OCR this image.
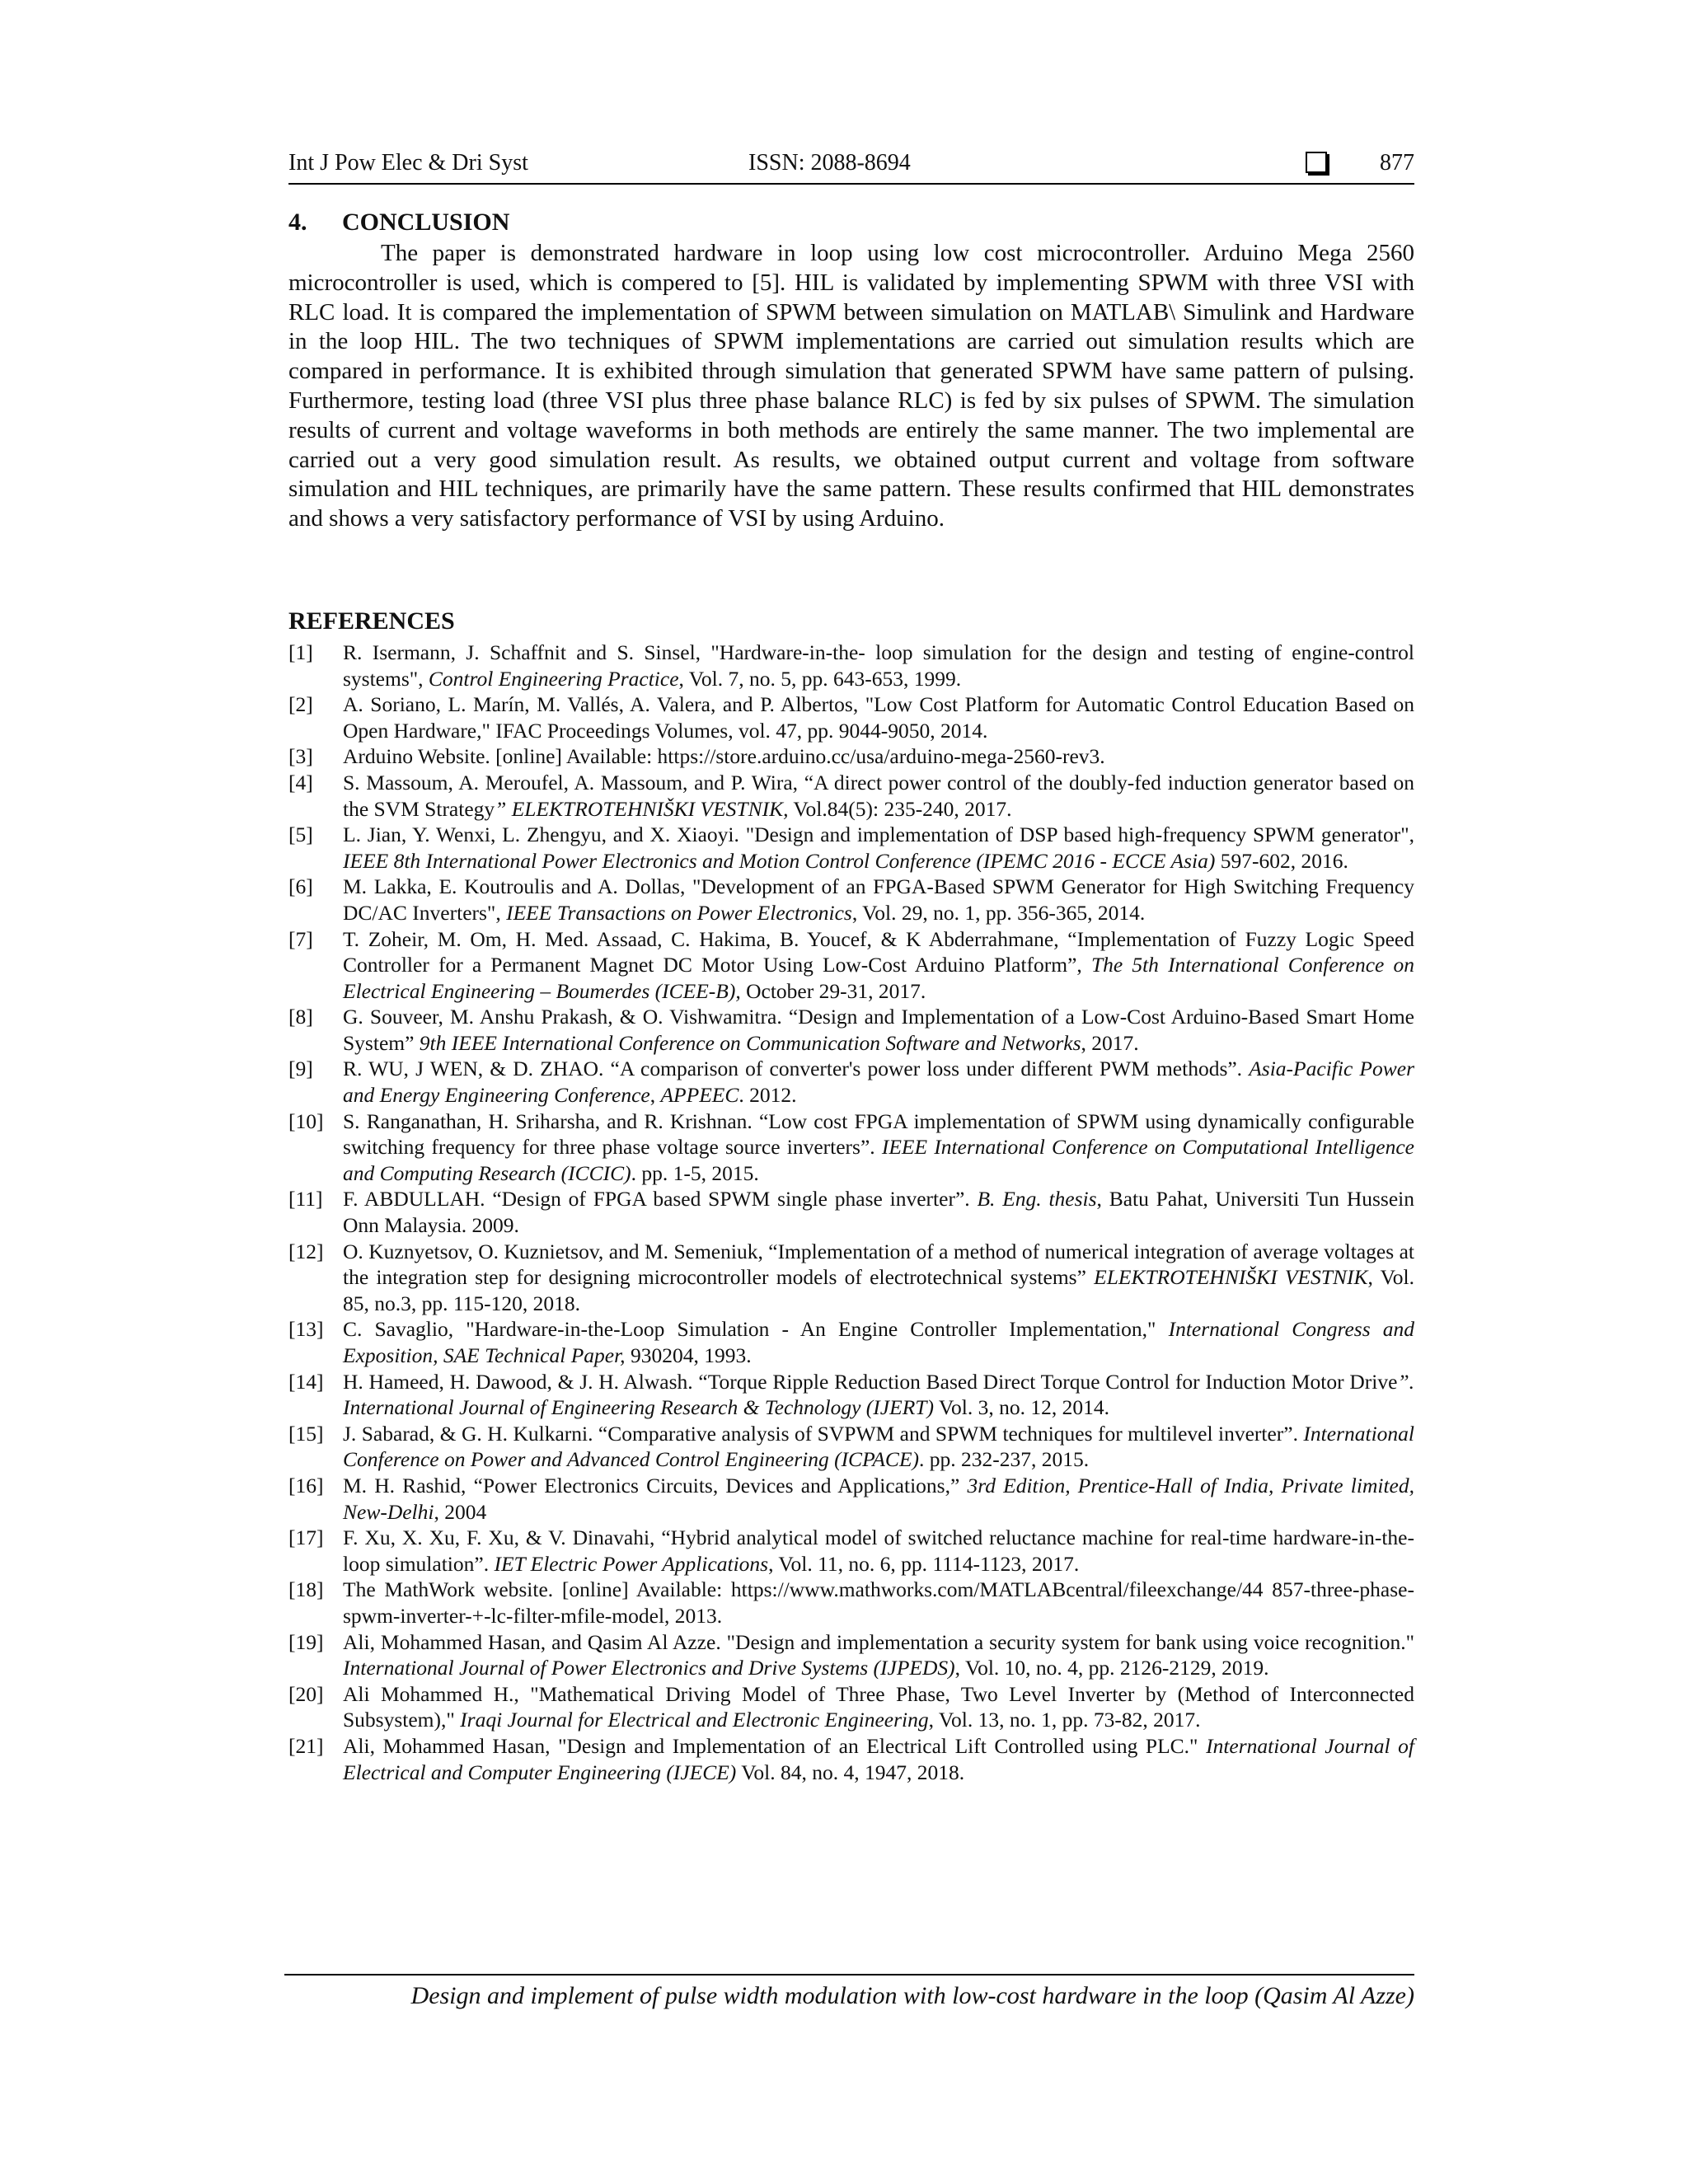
Int J Pow Elec & Dri Syst	ISSN: 2088-8694	877
4. CONCLUSION

The paper is demonstrated hardware in loop using low cost microcontroller. Arduino Mega 2560 microcontroller is used, which is compered to [5]. HIL is validated by implementing SPWM with three VSI with RLC load. It is compared the implementation of SPWM between simulation on MATLAB\ Simulink and Hardware in the loop HIL. The two techniques of SPWM implementations are carried out simulation results which are compared in performance. It is exhibited through simulation that generated SPWM have same pattern of pulsing. Furthermore, testing load (three VSI plus three phase balance RLC) is fed by six pulses of SPWM. The simulation results of current and voltage waveforms in both methods are entirely the same manner. The two implemental are carried out a very good simulation result. As results, we obtained output current and voltage from software simulation and HIL techniques, are primarily have the same pattern. These results confirmed that HIL demonstrates and shows a very satisfactory performance of VSI by using Arduino.

REFERENCES
[1] R. Isermann, J. Schaffnit and S. Sinsel, "Hardware-in-the- loop simulation for the design and testing of engine-control systems", Control Engineering Practice, Vol. 7, no. 5, pp. 643-653, 1999.
[2] A. Soriano, L. Marín, M. Vallés, A. Valera, and P. Albertos, "Low Cost Platform for Automatic Control Education Based on Open Hardware," IFAC Proceedings Volumes, vol. 47, pp. 9044-9050, 2014.
[3] Arduino Website. [online] Available: https://store.arduino.cc/usa/arduino-mega-2560-rev3.
[4] S. Massoum, A. Meroufel, A. Massoum, and P. Wira, “A direct power control of the doubly-fed induction generator based on the SVM Strategy” ELEKTROTEHNIŠKI VESTNIK, Vol.84(5): 235-240, 2017.
[5] L. Jian, Y. Wenxi, L. Zhengyu, and X. Xiaoyi. "Design and implementation of DSP based high-frequency SPWM generator", IEEE 8th International Power Electronics and Motion Control Conference (IPEMC 2016 - ECCE Asia) 597-602, 2016.
[6] M. Lakka, E. Koutroulis and A. Dollas, "Development of an FPGA-Based SPWM Generator for High Switching Frequency DC/AC Inverters", IEEE Transactions on Power Electronics, Vol. 29, no. 1, pp. 356-365, 2014.
[7] T. Zoheir, M. Om, H. Med. Assaad, C. Hakima, B. Youcef, & K Abderrahmane, “Implementation of Fuzzy Logic Speed Controller for a Permanent Magnet DC Motor Using Low-Cost Arduino Platform”, The 5th International Conference on Electrical Engineering – Boumerdes (ICEE-B), October 29-31, 2017.
[8] G. Souveer, M. Anshu Prakash, & O. Vishwamitra. “Design and Implementation of a Low-Cost Arduino-Based Smart Home System” 9th IEEE International Conference on Communication Software and Networks, 2017.
[9] R. WU, J WEN, & D. ZHAO. “A comparison of converter's power loss under different PWM methods”. Asia-Pacific Power and Energy Engineering Conference, APPEEC. 2012.
[10] S. Ranganathan, H. Sriharsha, and R. Krishnan. “Low cost FPGA implementation of SPWM using dynamically configurable switching frequency for three phase voltage source inverters”. IEEE International Conference on Computational Intelligence and Computing Research (ICCIC). pp. 1-5, 2015.
[11] F. ABDULLAH. “Design of FPGA based SPWM single phase inverter”. B. Eng. thesis, Batu Pahat, Universiti Tun Hussein Onn Malaysia. 2009.
[12] O. Kuznyetsov, O. Kuznietsov, and M. Semeniuk, “Implementation of a method of numerical integration of average voltages at the integration step for designing microcontroller models of electrotechnical systems” ELEKTROTEHNIŠKI VESTNIK, Vol. 85, no.3, pp. 115-120, 2018.
[13] C. Savaglio, "Hardware-in-the-Loop Simulation - An Engine Controller Implementation," International Congress and Exposition, SAE Technical Paper, 930204, 1993.
[14] H. Hameed, H. Dawood, & J. H. Alwash. “Torque Ripple Reduction Based Direct Torque Control for Induction Motor Drive”. International Journal of Engineering Research & Technology (IJERT) Vol. 3, no. 12, 2014.
[15] J. Sabarad, & G. H. Kulkarni. “Comparative analysis of SVPWM and SPWM techniques for multilevel inverter”. International Conference on Power and Advanced Control Engineering (ICPACE). pp. 232-237, 2015.
[16] M. H. Rashid, “Power Electronics Circuits, Devices and Applications,” 3rd Edition, Prentice-Hall of India, Private limited, New-Delhi, 2004
[17] F. Xu, X. Xu, F. Xu, & V. Dinavahi, “Hybrid analytical model of switched reluctance machine for real-time hardware-in-the-loop simulation”. IET Electric Power Applications, Vol. 11, no. 6, pp. 1114-1123, 2017.
[18] The MathWork website. [online] Available: https://www.mathworks.com/MATLABcentral/fileexchange/44 857-three-phase-spwm-inverter-+-lc-filter-mfile-model, 2013.
[19] Ali, Mohammed Hasan, and Qasim Al Azze. "Design and implementation a security system for bank using voice recognition." International Journal of Power Electronics and Drive Systems (IJPEDS), Vol. 10, no. 4, pp. 2126-2129, 2019.
[20] Ali Mohammed H., "Mathematical Driving Model of Three Phase, Two Level Inverter by (Method of Interconnected Subsystem)," Iraqi Journal for Electrical and Electronic Engineering, Vol. 13, no. 1, pp. 73-82, 2017.
[21] Ali, Mohammed Hasan, "Design and Implementation of an Electrical Lift Controlled using PLC." International Journal of Electrical and Computer Engineering (IJECE) Vol. 84, no. 4, 1947, 2018.
Design and implement of pulse width modulation with low-cost hardware in the loop (Qasim Al Azze)
